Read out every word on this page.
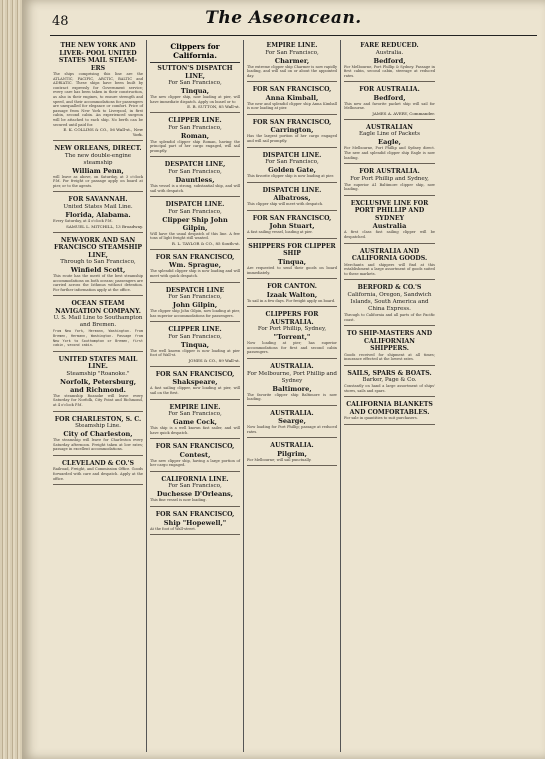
48	The Aseoncean.
THE NEW YORK AND LIVER- POOL UNITED STATES MAIL STEAM- ERS
The ships comprising this line are the ATLANTIC, PACIFIC, ARCTIC, BALTIC and ADRIATIC. These ships have been built by contract expressly for Government service; every care has been taken in their construction, as also in their engines, to ensure strength and speed, and their accommodations for passengers are unequalled for elegance or comfort. Price of passage from New York to Liverpool, in first cabin, second cabin. An experienced surgeon will be attached to each ship. No berth can be secured until paid for.
E. K. COLLINS & CO., 56 Wall-st., New York.
NEW ORLEANS, DIRECT.
The new double-engine steamship
William Penn,
will leave as above, on Saturday, at 3 o'clock P.M. For freight or passage apply on board at pier, or to the agents.
FOR SAVANNAH.
United States Mail Line.
Florida, Alabama.
Every Saturday, at 4 o'clock P.M.
SAMUEL L. MITCHILL, 13 Broadway.
NEW-YORK AND SAN FRANCISCO STEAMSHIP LINE,
Through to San Francisco,
Winfield Scott,
This route has the merit of the best steamship accommodations on both oceans; passengers are carried across the Isthmus without detention. For further information apply at the office.
OCEAN STEAM NAVIGATION COMPANY.
U. S. Mail Line to Southampton and Bremen.
From New York, Hermann, Washington. From Bremen, Hermann, Washington. Passage from New York to Southampton or Bremen, first cabin, second cabin.
UNITED STATES MAIL LINE.
Steamship "Roanoke."
Norfolk, Petersburg, and Richmond.
The steamship Roanoke will leave every Saturday for Norfolk, City Point and Richmond, at 4 o'clock P.M.
FOR CHARLESTON, S. C.
Steamship Line.
City of Charleston,
The steamship will leave for Charleston every Saturday afternoon. Freight taken at low rates; passage in excellent accommodations.
CLEVELAND & CO.'S
Railroad, Freight, and Commission Office. Goods forwarded with care and despatch. Apply at the office.
Clippers for California.
SUTTON'S DISPATCH LINE,
For San Francisco,
Tinqua,
The new clipper ship, now loading at pier, will have immediate dispatch. Apply on board or to
E. B. SUTTON, 85 Wall-st.
CLIPPER LINE.
For San Francisco,
Roman,
The splendid clipper ship Roman, having the principal part of her cargo engaged, will sail promptly.
DESPATCH LINE,
For San Francisco,
Dauntless,
This vessel is a strong, substantial ship, and will sail with despatch.
DISPATCH LINE.
For San Francisco,
Clipper Ship John Gilpin,
Will have the usual despatch of this line. A few tons of light freight still wanted.
R. L. TAYLOR & CO., 85 South-st.
FOR SAN FRANCISCO,
Wm. Sprague,
The splendid clipper ship is now loading and will meet with quick despatch.
DESPATCH LINE
For San Francisco,
John Gilpin,
The clipper ship John Gilpin, now loading at pier, has superior accommodations for passengers.
CLIPPER LINE.
For San Francisco,
Tinqua,
The well known clipper is now loading at pier foot of Wall-st.
JONES & CO., 89 Wall-st.
FOR SAN FRANCISCO,
Shakspeare,
A fast sailing clipper, now loading at pier, will sail on the first.
EMPIRE LINE.
For San Francisco,
Game Cock,
This ship is a well known fast sailer, and will have quick despatch.
FOR SAN FRANCISCO,
Contest,
The new clipper ship, having a large portion of her cargo engaged.
CALIFORNIA LINE.
For San Francisco,
Duchesse D'Orleans,
This fine vessel is now loading.
FOR SAN FRANCISCO,
Ship "Hopewell,"
At the foot of Wall-street.
EMPIRE LINE.
For San Francisco,
Charmer,
The extreme clipper ship Charmer is now rapidly loading, and will sail on or about the appointed day.
FOR SAN FRANCISCO,
Anna Kimball,
The new and splendid clipper ship Anna Kimball is now loading at pier.
FOR SAN FRANCISCO,
Carrington,
Has the largest portion of her cargo engaged and will sail promptly.
DISPATCH LINE.
For San Francisco,
Golden Gate,
This favorite clipper ship is now loading at pier.
DISPATCH LINE.
Albatross,
This clipper ship will meet with despatch.
FOR SAN FRANCISCO,
John Stuart,
A fast sailing vessel, loading at pier.
SHIPPERS FOR CLIPPER SHIP
Tinqua,
Are requested to send their goods on board immediately.
FOR CANTON.
Izaak Walton,
To sail in a few days. For freight apply on board.
CLIPPERS FOR AUSTRALIA.
For Port Phillip, Sydney,
"Torrent,"
Now loading at pier; has superior accommodations for first and second cabin passengers.
AUSTRALIA.
For Melbourne, Port Phillip and Sydney
Baltimore,
The favorite clipper ship Baltimore is now loading.
AUSTRALIA.
Searge,
Now loading for Port Phillip; passage at reduced rates.
AUSTRALIA.
Pilgrim,
For Melbourne; will sail punctually.
FARE REDUCED.
Australia.
Bedford,
For Melbourne, Port Phillip & Sydney. Passage in first cabin, second cabin, steerage at reduced rates.
FOR AUSTRALIA.
Bedford,
This new and favorite packet ship will sail for Melbourne.
JAMES A. AVERY, Commander.
AUSTRALIAN
Eagle Line of Packets
Eagle,
For Melbourne, Port Phillip and Sydney direct. The new and splendid clipper ship Eagle is now loading.
FOR AUSTRALIA.
For Port Phillip and Sydney,
The superior A1 Baltimore clipper ship, now loading.
EXCLUSIVE LINE FOR PORT PHILLIP AND SYDNEY
Australia
A first class fast sailing clipper will be despatched.
AUSTRALIA AND CALIFORNIA GOODS.
Merchants and shippers will find at this establishment a large assortment of goods suited to these markets.
BERFORD & CO.'S
California, Oregon, Sandwich Islands, South America and China Express.
Through to California and all parts of the Pacific coast.
TO SHIP-MASTERS AND CALIFORNIAN SHIPPERS.
Goods received for shipment at all times; insurance effected at the lowest rates.
SAILS, SPARS & BOATS.
Barker, Page & Co.
Constantly on hand a large assortment of ships' stores, sails and spars.
CALIFORNIA BLANKETS AND COMFORTABLES.
For sale in quantities to suit purchasers.
